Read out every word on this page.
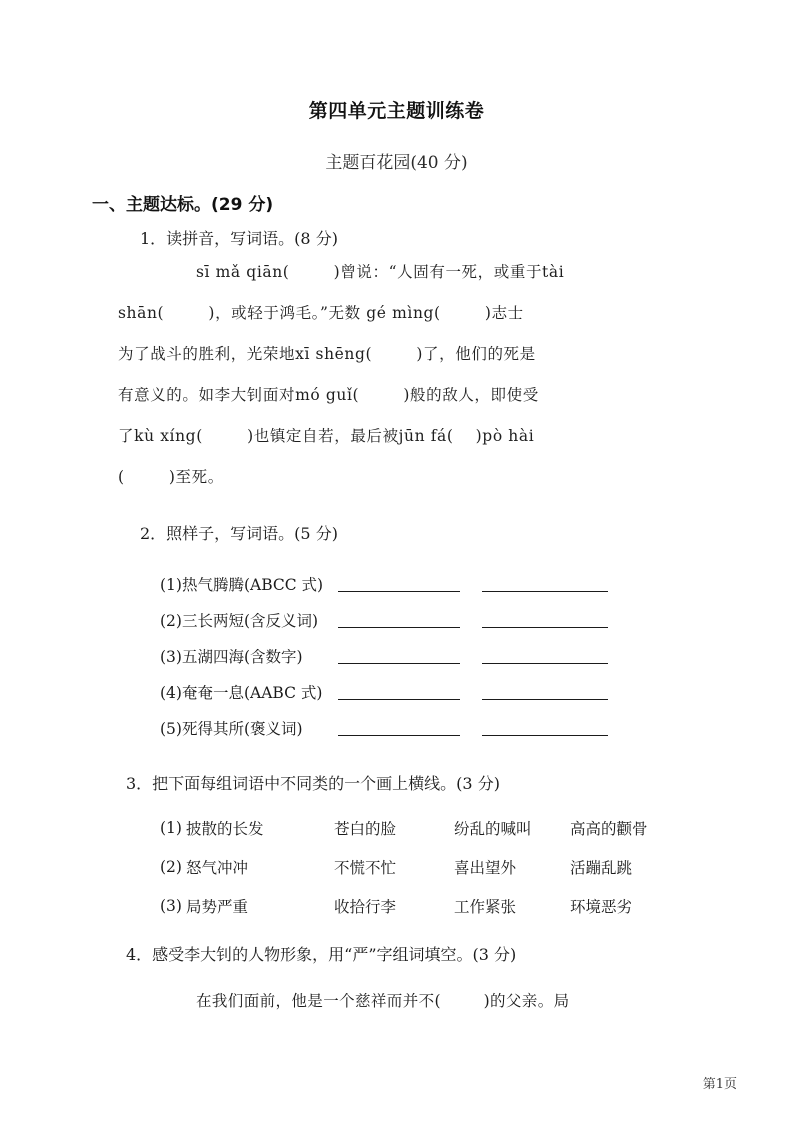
第四单元主题训练卷
主题百花园(40 分)
一、主题达标。(29 分)
1．读拼音，写词语。(8 分)
sī mǎ qiān(        )曾说：“人固有一死，或重于tài
shān(        )，或轻于鸿毛。”无数 gé mìng(        )志士
为了战斗的胜利，光荣地xī shēng(        )了，他们的死是
有意义的。如李大钊面对mó guǐ(        )般的敌人，即使受
了kù xíng(        )也镇定自若，最后被jūn fá(    )pò hài
(        )至死。
2．照样子，写词语。(5 分)
(1)热气腾腾(ABCC 式)
(2)三长两短(含反义词)
(3)五湖四海(含数字)
(4)奄奄一息(AABC 式)
(5)死得其所(褒义词)
3．把下面每组词语中不同类的一个画上横线。(3 分)
(1) 披散的长发	苍白的脸	纷乱的喊叫	高高的颧骨
(2) 怒气冲冲	不慌不忙	喜出望外	活蹦乱跳
(3) 局势严重	收拾行李	工作紧张	环境恶劣
4．感受李大钊的人物形象，用“严”字组词填空。(3 分)
在我们面前，他是一个慈祥而并不(        )的父亲。局
第1页
